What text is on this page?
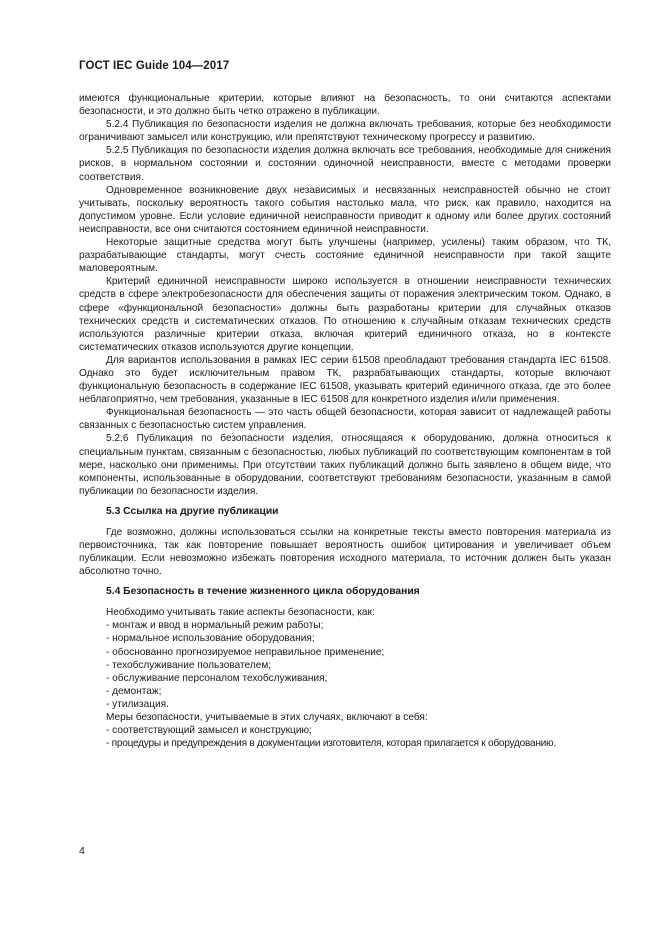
ГОСТ IEC Guide 104—2017

имеются функциональные критерии, которые влияют на безопасность, то они считаются аспектами безопасности, и это должно быть четко отражено в публикации.

5.2.4 Публикация по безопасности изделия не должна включать требования, которые без необходимости ограничивают замысел или конструкцию, или препятствуют техническому прогрессу и развитию.

5.2.5 Публикация по безопасности изделия должна включать все требования, необходимые для снижения рисков, в нормальном состоянии и состоянии одиночной неисправности, вместе с методами проверки соответствия.

Одновременное возникновение двух независимых и несвязанных неисправностей обычно не стоит учитывать, поскольку вероятность такого события настолько мала, что риск, как правило, находится на допустимом уровне. Если условие единичной неисправности приводит к одному или более других состояний неисправности, все они считаются состоянием единичной неисправности.

Некоторые защитные средства могут быть улучшены (например, усилены) таким образом, что ТК, разрабатывающие стандарты, могут счесть состояние единичной неисправности при такой защите маловероятным.

Критерий единичной неисправности широко используется в отношении неисправности технических средств в сфере электробезопасности для обеспечения защиты от поражения электрическим током. Однако, в сфере «функциональной безопасности» должны быть разработаны критерии для случайных отказов технических средств и систематических отказов. По отношению к случайным отказам технических средств используются различные критерии отказа, включая критерий единичного отказа, но в контексте систематических отказов используются другие концепции.

Для вариантов использования в рамках IEC серии 61508 преобладают требования стандарта IEC 61508. Однако это будет исключительным правом ТК, разрабатывающих стандарты, которые включают функциональную безопасность в содержание IEC 61508, указывать критерий единичного отказа, где это более неблагоприятно, чем требования, указанные в IEC 61508 для конкретного изделия и/или применения.

Функциональная безопасность — это часть общей безопасности, которая зависит от надлежащей работы связанных с безопасностью систем управления.

5.2.6 Публикация по безопасности изделия, относящаяся к оборудованию, должна относиться к специальным пунктам, связанным с безопасностью, любых публикаций по соответствующим компонентам в той мере, насколько они применимы. При отсутствии таких публикаций должно быть заявлено в общем виде, что компоненты, использованные в оборудовании, соответствуют требованиям безопасности, указанным в самой публикации по безопасности изделия.

5.3 Ссылка на другие публикации

Где возможно, должны использоваться ссылки на конкретные тексты вместо повторения материала из первоисточника, так как повторение повышает вероятность ошибок цитирования и увеличивает объем публикации. Если невозможно избежать повторения исходного материала, то источник должен быть указан абсолютно точно.

5.4 Безопасность в течение жизненного цикла оборудования

Необходимо учитывать такие аспекты безопасности, как:

- монтаж и ввод в нормальный режим работы;
- нормальное использование оборудования;
- обоснованно прогнозируемое неправильное применение;
- техобслуживание пользователем;
- обслуживание персоналом техобслуживания;
- демонтаж;
- утилизация.

Меры безопасности, учитываемые в этих случаях, включают в себя:

- соответствующий замысел и конструкцию;
- процедуры и предупреждения в документации изготовителя, которая прилагается к оборудованию.
4
